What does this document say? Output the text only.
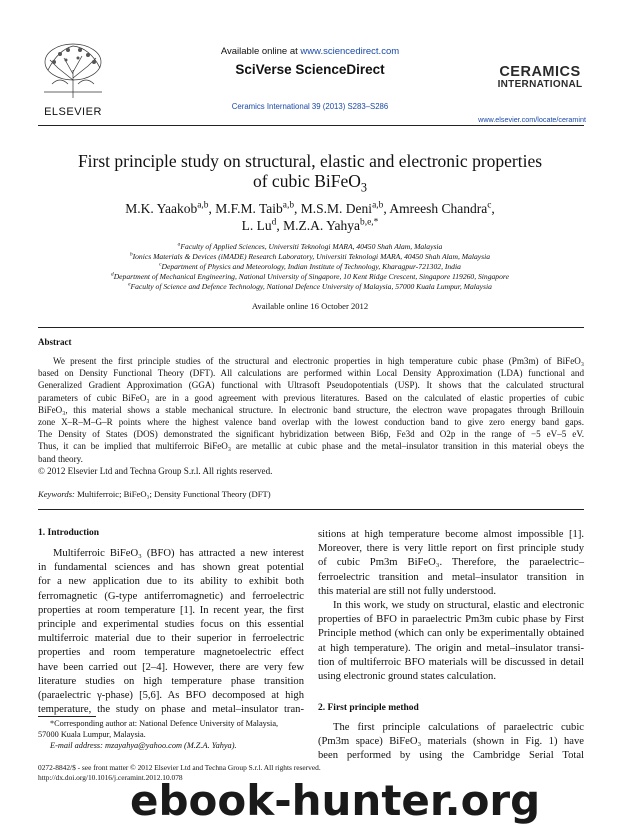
ELSEVIER
Available online at www.sciencedirect.com
SciVerse ScienceDirect
Ceramics International 39 (2013) S283–S286
CERAMICS
INTERNATIONAL
www.elsevier.com/locate/ceramint
First principle study on structural, elastic and electronic properties
of cubic BiFeO$_3$
M.K. Yaakob$^{a,b}$, M.F.M. Taib$^{a,b}$, M.S.M. Deni$^{a,b}$, Amreesh Chandra$^c$,
L. Lu$^d$, M.Z.A. Yahya$^{b,e,*}$

$^a$Faculty of Applied Sciences, Universiti Teknologi MARA, 40450 Shah Alam, Malaysia

$^b$Ionics Materials & Devices (iMADE) Research Laboratory, Universiti Teknologi MARA, 40450 Shah Alam, Malaysia

$^c$Department of Physics and Meteorology, Indian Institute of Technology, Kharagpur-721302, India

$^d$Department of Mechanical Engineering, National University of Singapore, 10 Kent Ridge Crescent, Singapore 119260, Singapore

$^e$Faculty of Science and Defence Technology, National Defence University of Malaysia, 57000 Kuala Lumpur, Malaysia

Available online 16 October 2012
Abstract
We present the first principle studies of the structural and electronic properties in high temperature cubic phase (Pm3m) of BiFeO₃
based on Density Functional Theory (DFT). All calculations are performed within Local Density Approximation (LDA) functional and
Generalized Gradient Approximation (GGA) functional with Ultrasoft Pseudopotentials (USP). It shows that the calculated structural
parameters of cubic BiFeO₃ are in a good agreement with previous literatures. Based on the calculated of elastic properties of cubic
BiFeO₃, this material shows a stable mechanical structure. In electronic band structure, the electron wave propagates through Brillouin
zone X–R–M–G–R points where the highest valence band overlap with the lowest conduction band to give zero energy band gaps.
The Density of States (DOS) demonstrated the significant hybridization between Bi6p, Fe3d and O2p in the range of −5 eV–5 eV.
Thus, it can be implied that multiferroic BiFeO₃ are metallic at cubic phase and the metal–insulator transition in this material obeys the
band theory.
© 2012 Elsevier Ltd and Techna Group S.r.l. All rights reserved.
Keywords: Multiferroic; BiFeO₃; Density Functional Theory (DFT)
1. Introduction
Multiferroic BiFeO₃ (BFO) has attracted a new interest
in fundamental sciences and has shown great potential
for a new application due to its ability to exhibit both
ferromagnetic (G-type antiferromagnetic) and ferroelectric
properties at room temperature [1]. In recent year, the first
principle and experimental studies focus on this essential
multiferroic material due to their superior in ferroelectric
properties and room temperature magnetoelectric effect
have been carried out [2–4]. However, there are very few
literature studies on high temperature phase transition
(paraelectric γ-phase) [5,6]. As BFO decomposed at high
temperature, the study on phase and metal–insulator tran-
*Corresponding author at: National Defence University of Malaysia,
57000 Kuala Lumpur, Malaysia.
E-mail address: mzayahya@yahoo.com (M.Z.A. Yahya).
sitions at high temperature become almost impossible [1].
Moreover, there is very little report on first principle study
of cubic Pm3m BiFeO₃. Therefore, the paraelectric–
ferroelectric transition and metal–insulator transition in
this material are still not fully understood.
In this work, we study on structural, elastic and electronic
properties of BFO in paraelectric Pm3m cubic phase by First
Principle method (which can only be experimentally obtained
at high temperature). The origin and metal–insulator transi-
tion of multiferroic BFO materials will be discussed in detail
using electronic ground states calculation.
2. First principle method
The first principle calculations of paraelectric cubic
(Pm3m space) BiFeO₃ materials (shown in Fig. 1) have
been performed by using the Cambridge Serial Total
0272-8842/$ - see front matter © 2012 Elsevier Ltd and Techna Group S.r.l. All rights reserved.
http://dx.doi.org/10.1016/j.ceramint.2012.10.078
ebook-hunter.org
